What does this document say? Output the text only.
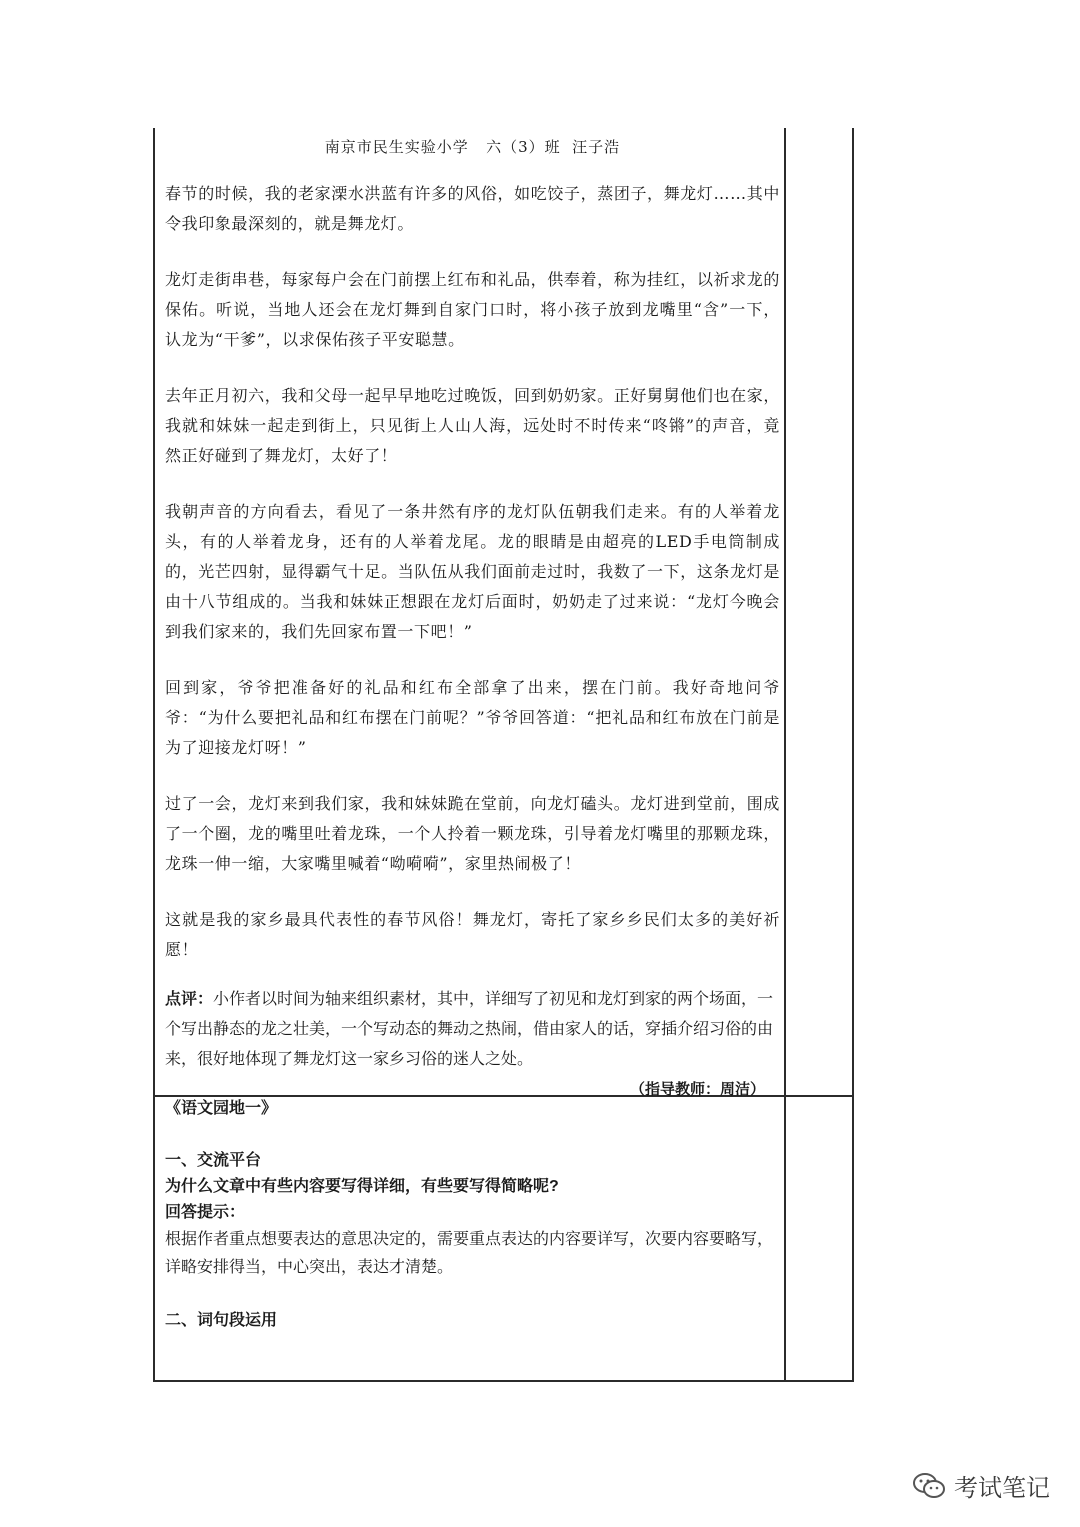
南京市民生实验小学   六（3）班  汪子浩

春节的时候，我的老家溧水洪蓝有许多的风俗，如吃饺子，蒸团子，舞龙灯……其中令我印象最深刻的，就是舞龙灯。

龙灯走街串巷，每家每户会在门前摆上红布和礼品，供奉着，称为挂红，以祈求龙的保佑。听说，当地人还会在龙灯舞到自家门口时，将小孩子放到龙嘴里“含”一下，认龙为“干爹”，以求保佑孩子平安聪慧。

去年正月初六，我和父母一起早早地吃过晚饭，回到奶奶家。正好舅舅他们也在家，我就和妹妹一起走到街上，只见街上人山人海，远处时不时传来“咚锵”的声音，竟然正好碰到了舞龙灯，太好了！

我朝声音的方向看去，看见了一条井然有序的龙灯队伍朝我们走来。有的人举着龙头，有的人举着龙身，还有的人举着龙尾。龙的眼睛是由超亮的LED手电筒制成的，光芒四射，显得霸气十足。当队伍从我们面前走过时，我数了一下，这条龙灯是由十八节组成的。当我和妹妹正想跟在龙灯后面时，奶奶走了过来说：“龙灯今晚会到我们家来的，我们先回家布置一下吧！”

回到家，爷爷把准备好的礼品和红布全部拿了出来，摆在门前。我好奇地问爷爷：“为什么要把礼品和红布摆在门前呢？”爷爷回答道：“把礼品和红布放在门前是为了迎接龙灯呀！”

过了一会，龙灯来到我们家，我和妹妹跪在堂前，向龙灯磕头。龙灯进到堂前，围成了一个圈，龙的嘴里吐着龙珠，一个人拎着一颗龙珠，引导着龙灯嘴里的那颗龙珠，龙珠一伸一缩，大家嘴里喊着“呦嗬嗬”，家里热闹极了！

这就是我的家乡最具代表性的春节风俗！舞龙灯，寄托了家乡乡民们太多的美好祈愿！

点评：小作者以时间为轴来组织素材，其中，详细写了初见和龙灯到家的两个场面，一个写出静态的龙之壮美，一个写动态的舞动之热闹，借由家人的话，穿插介绍习俗的由来，很好地体现了舞龙灯这一家乡习俗的迷人之处。
（指导教师：周洁）
《语文园地一》
一、交流平台
为什么文章中有些内容要写得详细，有些要写得简略呢?
回答提示：
根据作者重点想要表达的意思决定的，需要重点表达的内容要详写，次要内容要略写，详略安排得当，中心突出，表达才清楚。
二、词句段运用
考试笔记
